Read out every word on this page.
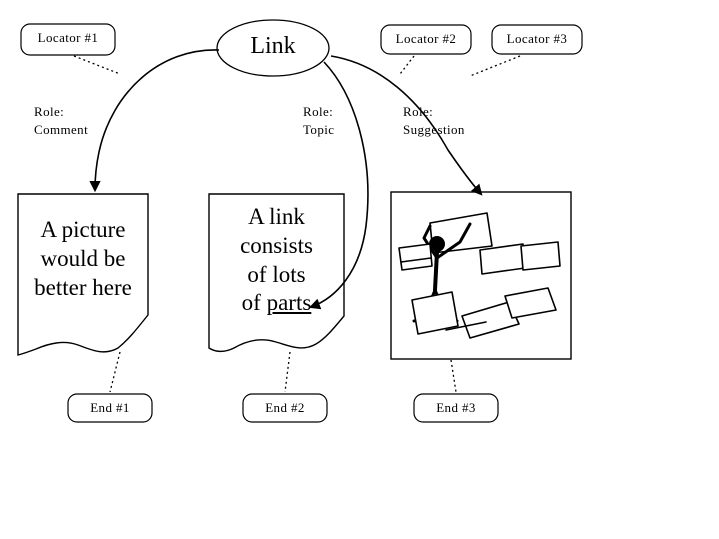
Locator #1	Link	Locator #2	Locator #3
Role:
Comment
Role:
Topic
Role:
Suggestion
A picture
would be
better here
A link
consists
of lots
of parts
End #1	End #2	End #3
